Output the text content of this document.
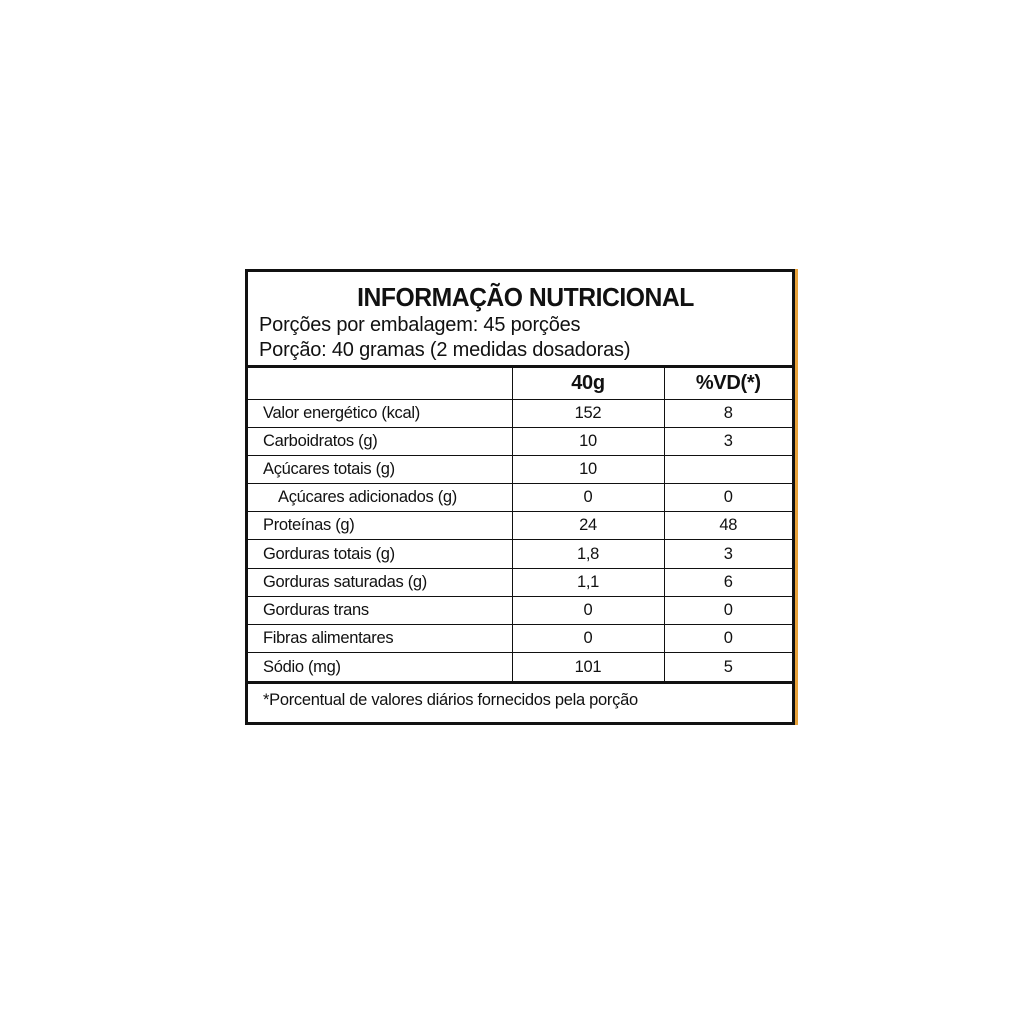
INFORMAÇÃO NUTRICIONAL
Porções por embalagem: 45 porções
Porção: 40 gramas (2 medidas dosadoras)
	40g	%VD(*)
Valor energético (kcal)	152	8
Carboidratos (g)	10	3
Açúcares totais (g)	10	
Açúcares adicionados (g)	0	0
Proteínas (g)	24	48
Gorduras totais (g)	1,8	3
Gorduras saturadas (g)	1,1	6
Gorduras trans	0	0
Fibras alimentares	0	0
Sódio (mg)	101	5
*Porcentual de valores diários fornecidos pela porção
